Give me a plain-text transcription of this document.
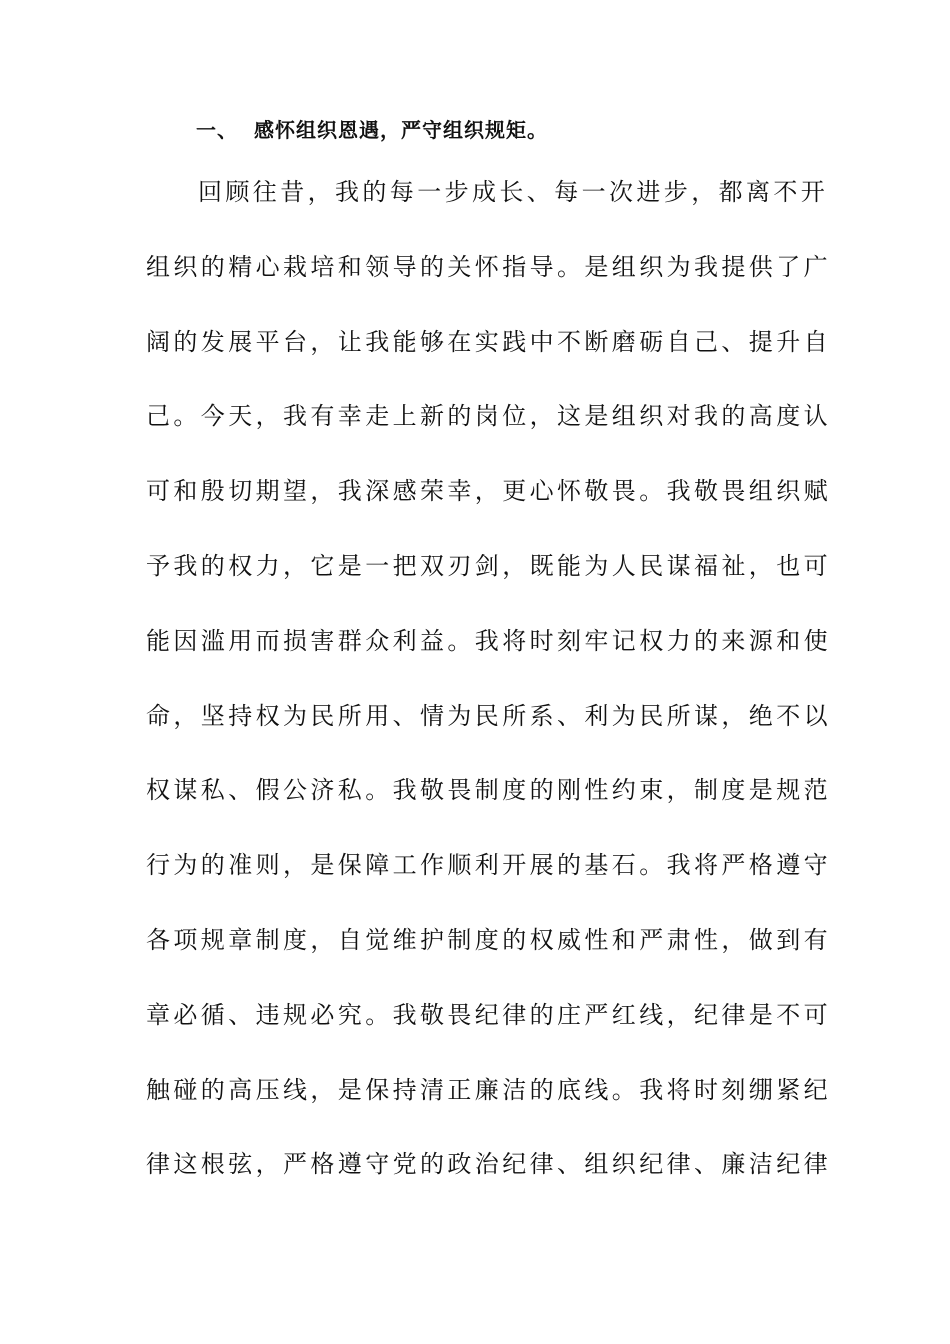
一、 感怀组织恩遇，严守组织规矩。
回顾往昔，我的每一步成长、每一次进步，都离不开
组织的精心栽培和领导的关怀指导。是组织为我提供了广
阔的发展平台，让我能够在实践中不断磨砺自己、提升自
己。今天，我有幸走上新的岗位，这是组织对我的高度认
可和殷切期望，我深感荣幸，更心怀敬畏。我敬畏组织赋
予我的权力，它是一把双刃剑，既能为人民谋福祉，也可
能因滥用而损害群众利益。我将时刻牢记权力的来源和使
命，坚持权为民所用、情为民所系、利为民所谋，绝不以
权谋私、假公济私。我敬畏制度的刚性约束，制度是规范
行为的准则，是保障工作顺利开展的基石。我将严格遵守
各项规章制度，自觉维护制度的权威性和严肃性，做到有
章必循、违规必究。我敬畏纪律的庄严红线，纪律是不可
触碰的高压线，是保持清正廉洁的底线。我将时刻绷紧纪
律这根弦，严格遵守党的政治纪律、组织纪律、廉洁纪律
